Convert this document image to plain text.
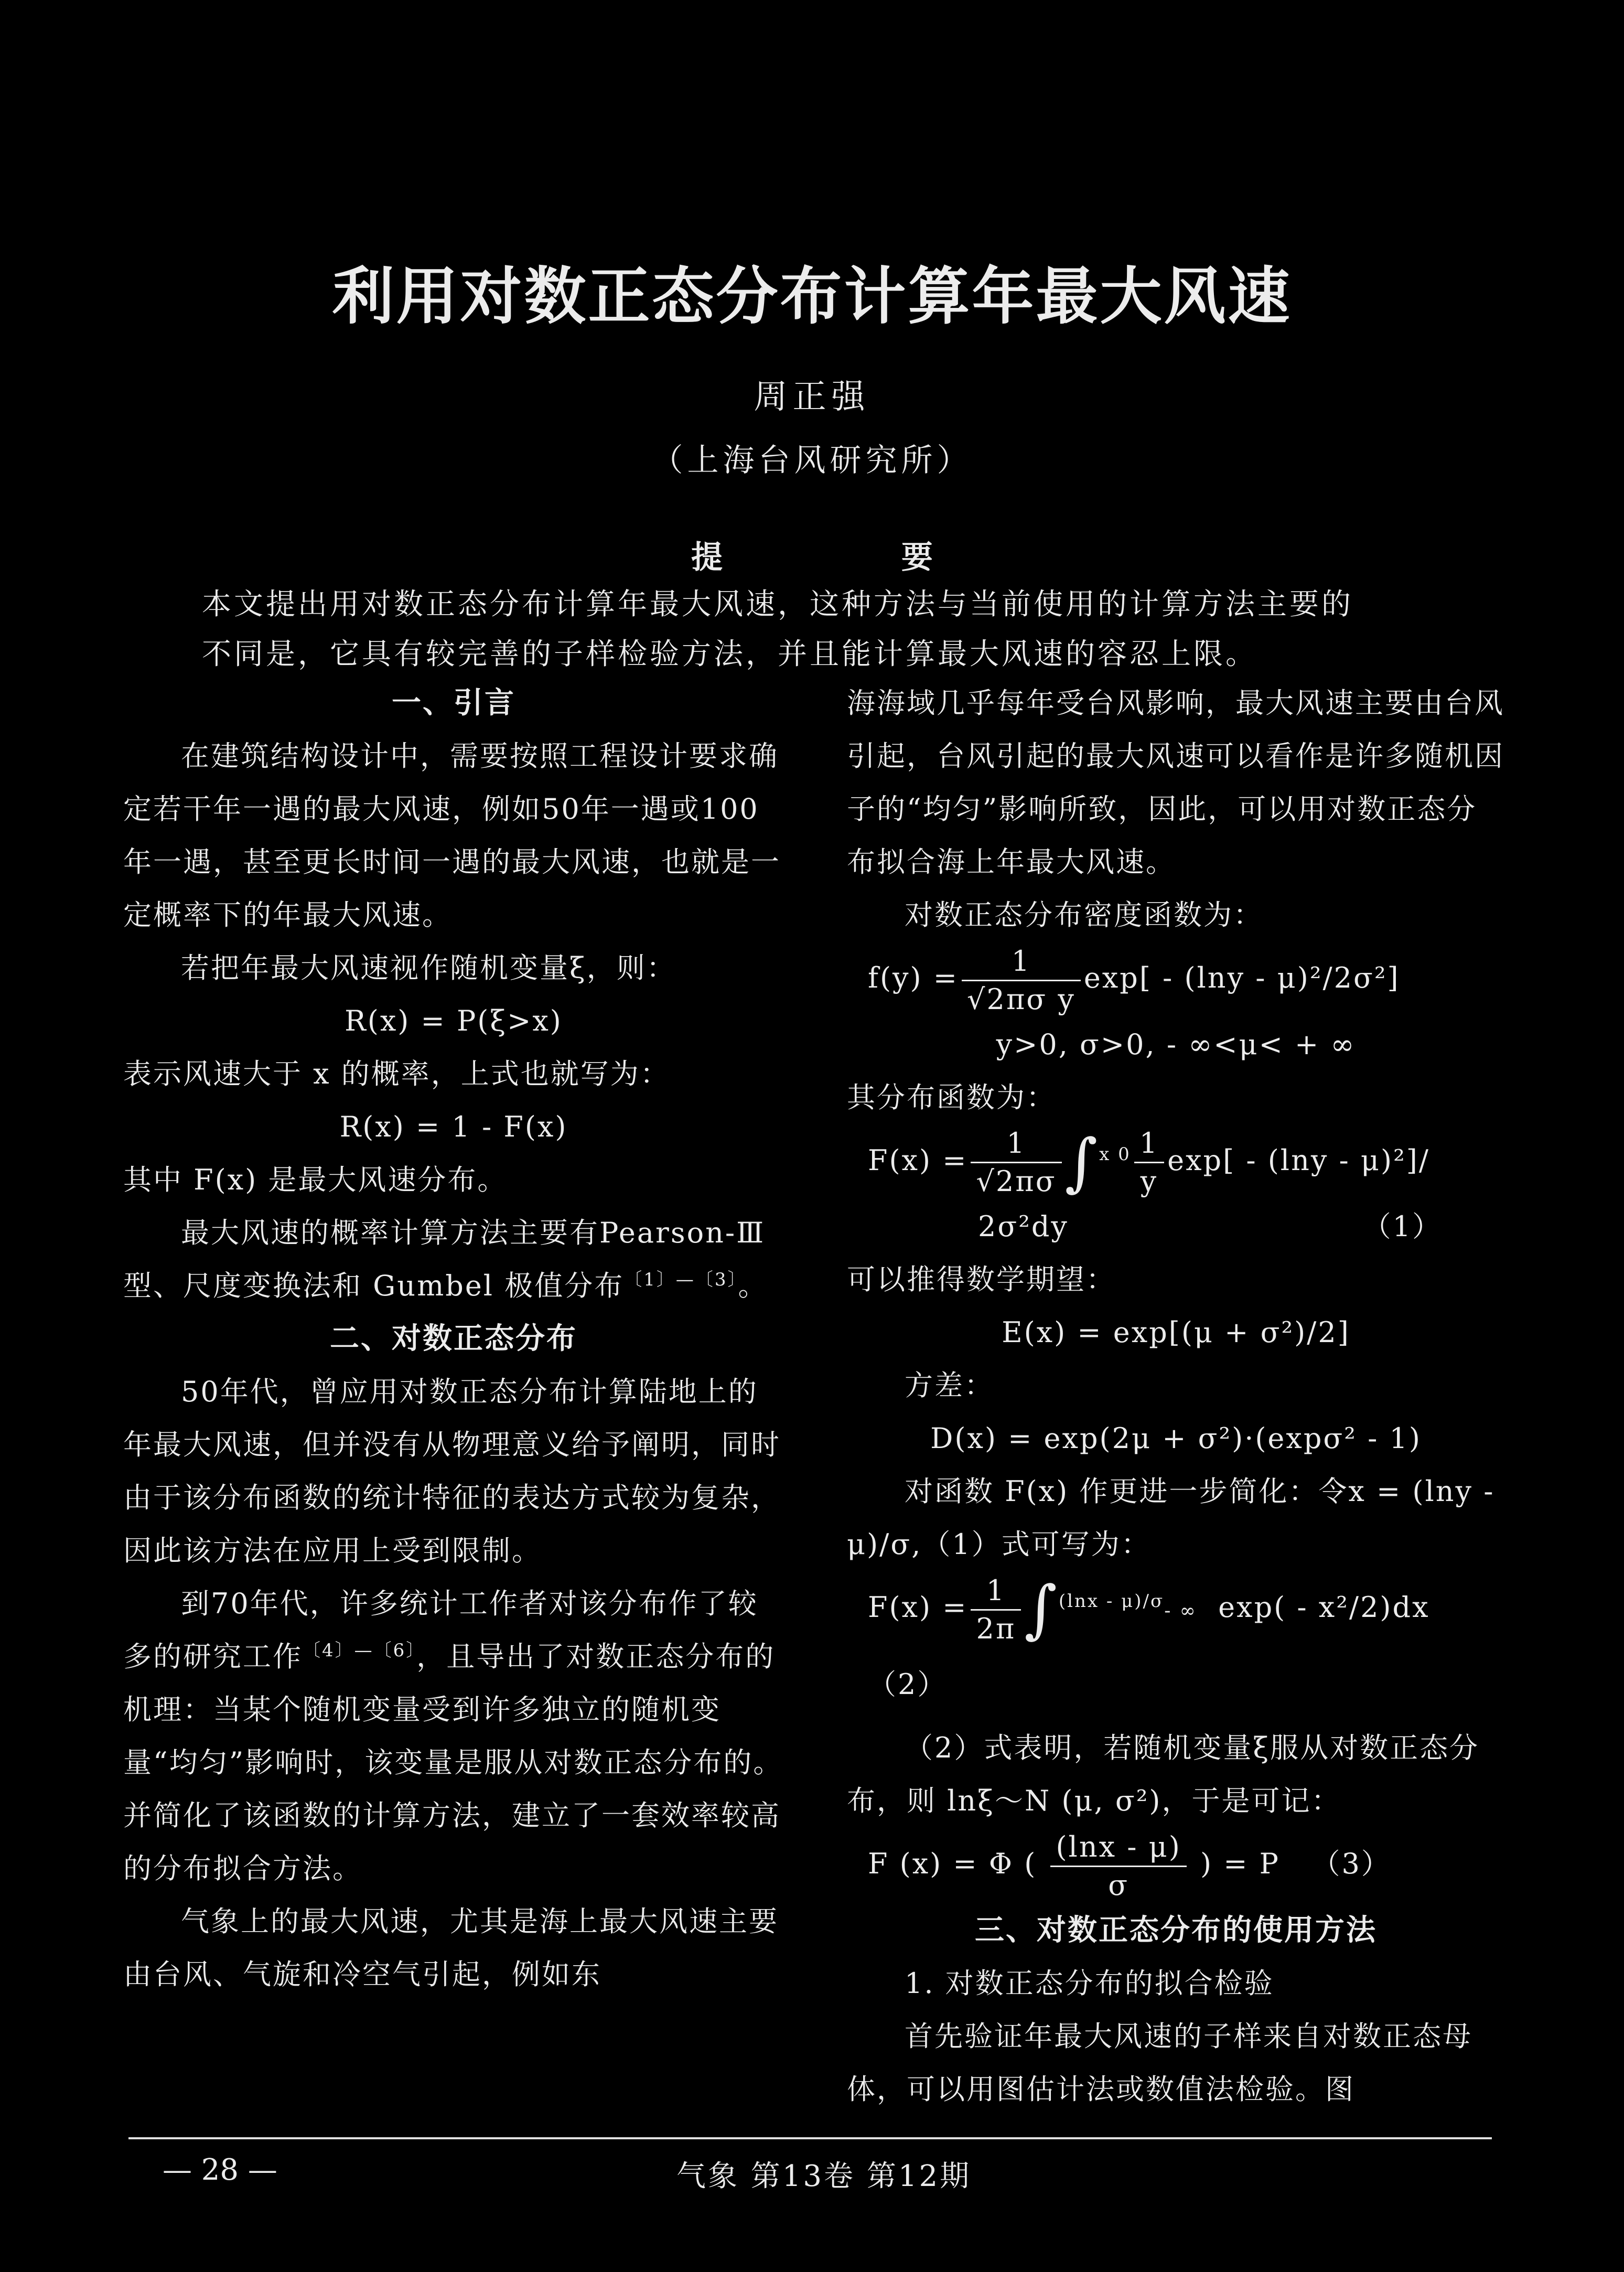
利用对数正态分布计算年最大风速
周正强
（上海台风研究所）
提 要
本文提出用对数正态分布计算年最大风速，这种方法与当前使用的计算方法主要的
不同是，它具有较完善的子样检验方法，并且能计算最大风速的容忍上限。

一、引言

在建筑结构设计中，需要按照工程设计要求确定若干年一遇的最大风速，例如50年一遇或100年一遇，甚至更长时间一遇的最大风速，也就是一定概率下的年最大风速。

若把年最大风速视作随机变量ξ，则：

R(x) = P(ξ>x)

表示风速大于 x 的概率，上式也就写为：

R(x) = 1 - F(x)

其中 F(x) 是最大风速分布。

最大风速的概率计算方法主要有Pearson-Ⅲ型、尺度变换法和 Gumbel 极值分布$^{〔1〕—〔3〕}$。

二、对数正态分布

50年代，曾应用对数正态分布计算陆地上的年最大风速，但并没有从物理意义给予阐明，同时由于该分布函数的统计特征的表达方式较为复杂，因此该方法在应用上受到限制。

到70年代，许多统计工作者对该分布作了较多的研究工作$^{〔4〕—〔6〕}$，且导出了对数正态分布的机理：当某个随机变量受到许多独立的随机变量“均匀”影响时，该变量是服从对数正态分布的。并简化了该函数的计算方法，建立了一套效率较高的分布拟合方法。

气象上的最大风速，尤其是海上最大风速主要由台风、气旋和冷空气引起，例如东

海海域几乎每年受台风影响，最大风速主要由台风引起，台风引起的最大风速可以看作是许多随机因子的“均匀”影响所致，因此，可以用对数正态分布拟合海上年最大风速。

对数正态分布密度函数为：

$f(y) = \frac{1}{\text{√2πσ y}} \exp[ - (\ln y - \mu)^2/2\sigma^2]$

y>0, σ>0, - ∞<μ< + ∞

其分布函数为：

$F(x) = \frac{1}{√2\pi\sigma} \int^{x 0} \frac{1}{y} \exp[ - (\ln y - \mu)^2]/$

2σ²dy	（1）

可以推得数学期望：

E(x) = exp[(μ + σ²)/2]

方差：

D(x) = exp(2μ + σ²)·(expσ² - 1)

对函数 F(x) 作更进一步简化：令x = (lny - μ)/σ,（1）式可写为：

$F(x) = \frac{1}{2\pi} \int^{(lnx - \mu)/\sigma}-$ ∞ exp( - x²/2)dx （2）

（2）式表明，若随机变量ξ服从对数正态分布，则 lnξ～N (μ, σ²)，于是可记：

F (x) = Φ ( $\frac{(\ln x - \mu)}{\sigma}$ ) = P （3）

三、对数正态分布的使用方法

1. 对数正态分布的拟合检验

首先验证年最大风速的子样来自对数正态母体，可以用图估计法或数值法检验。图

— 28 —	气象 第13卷 第12期
